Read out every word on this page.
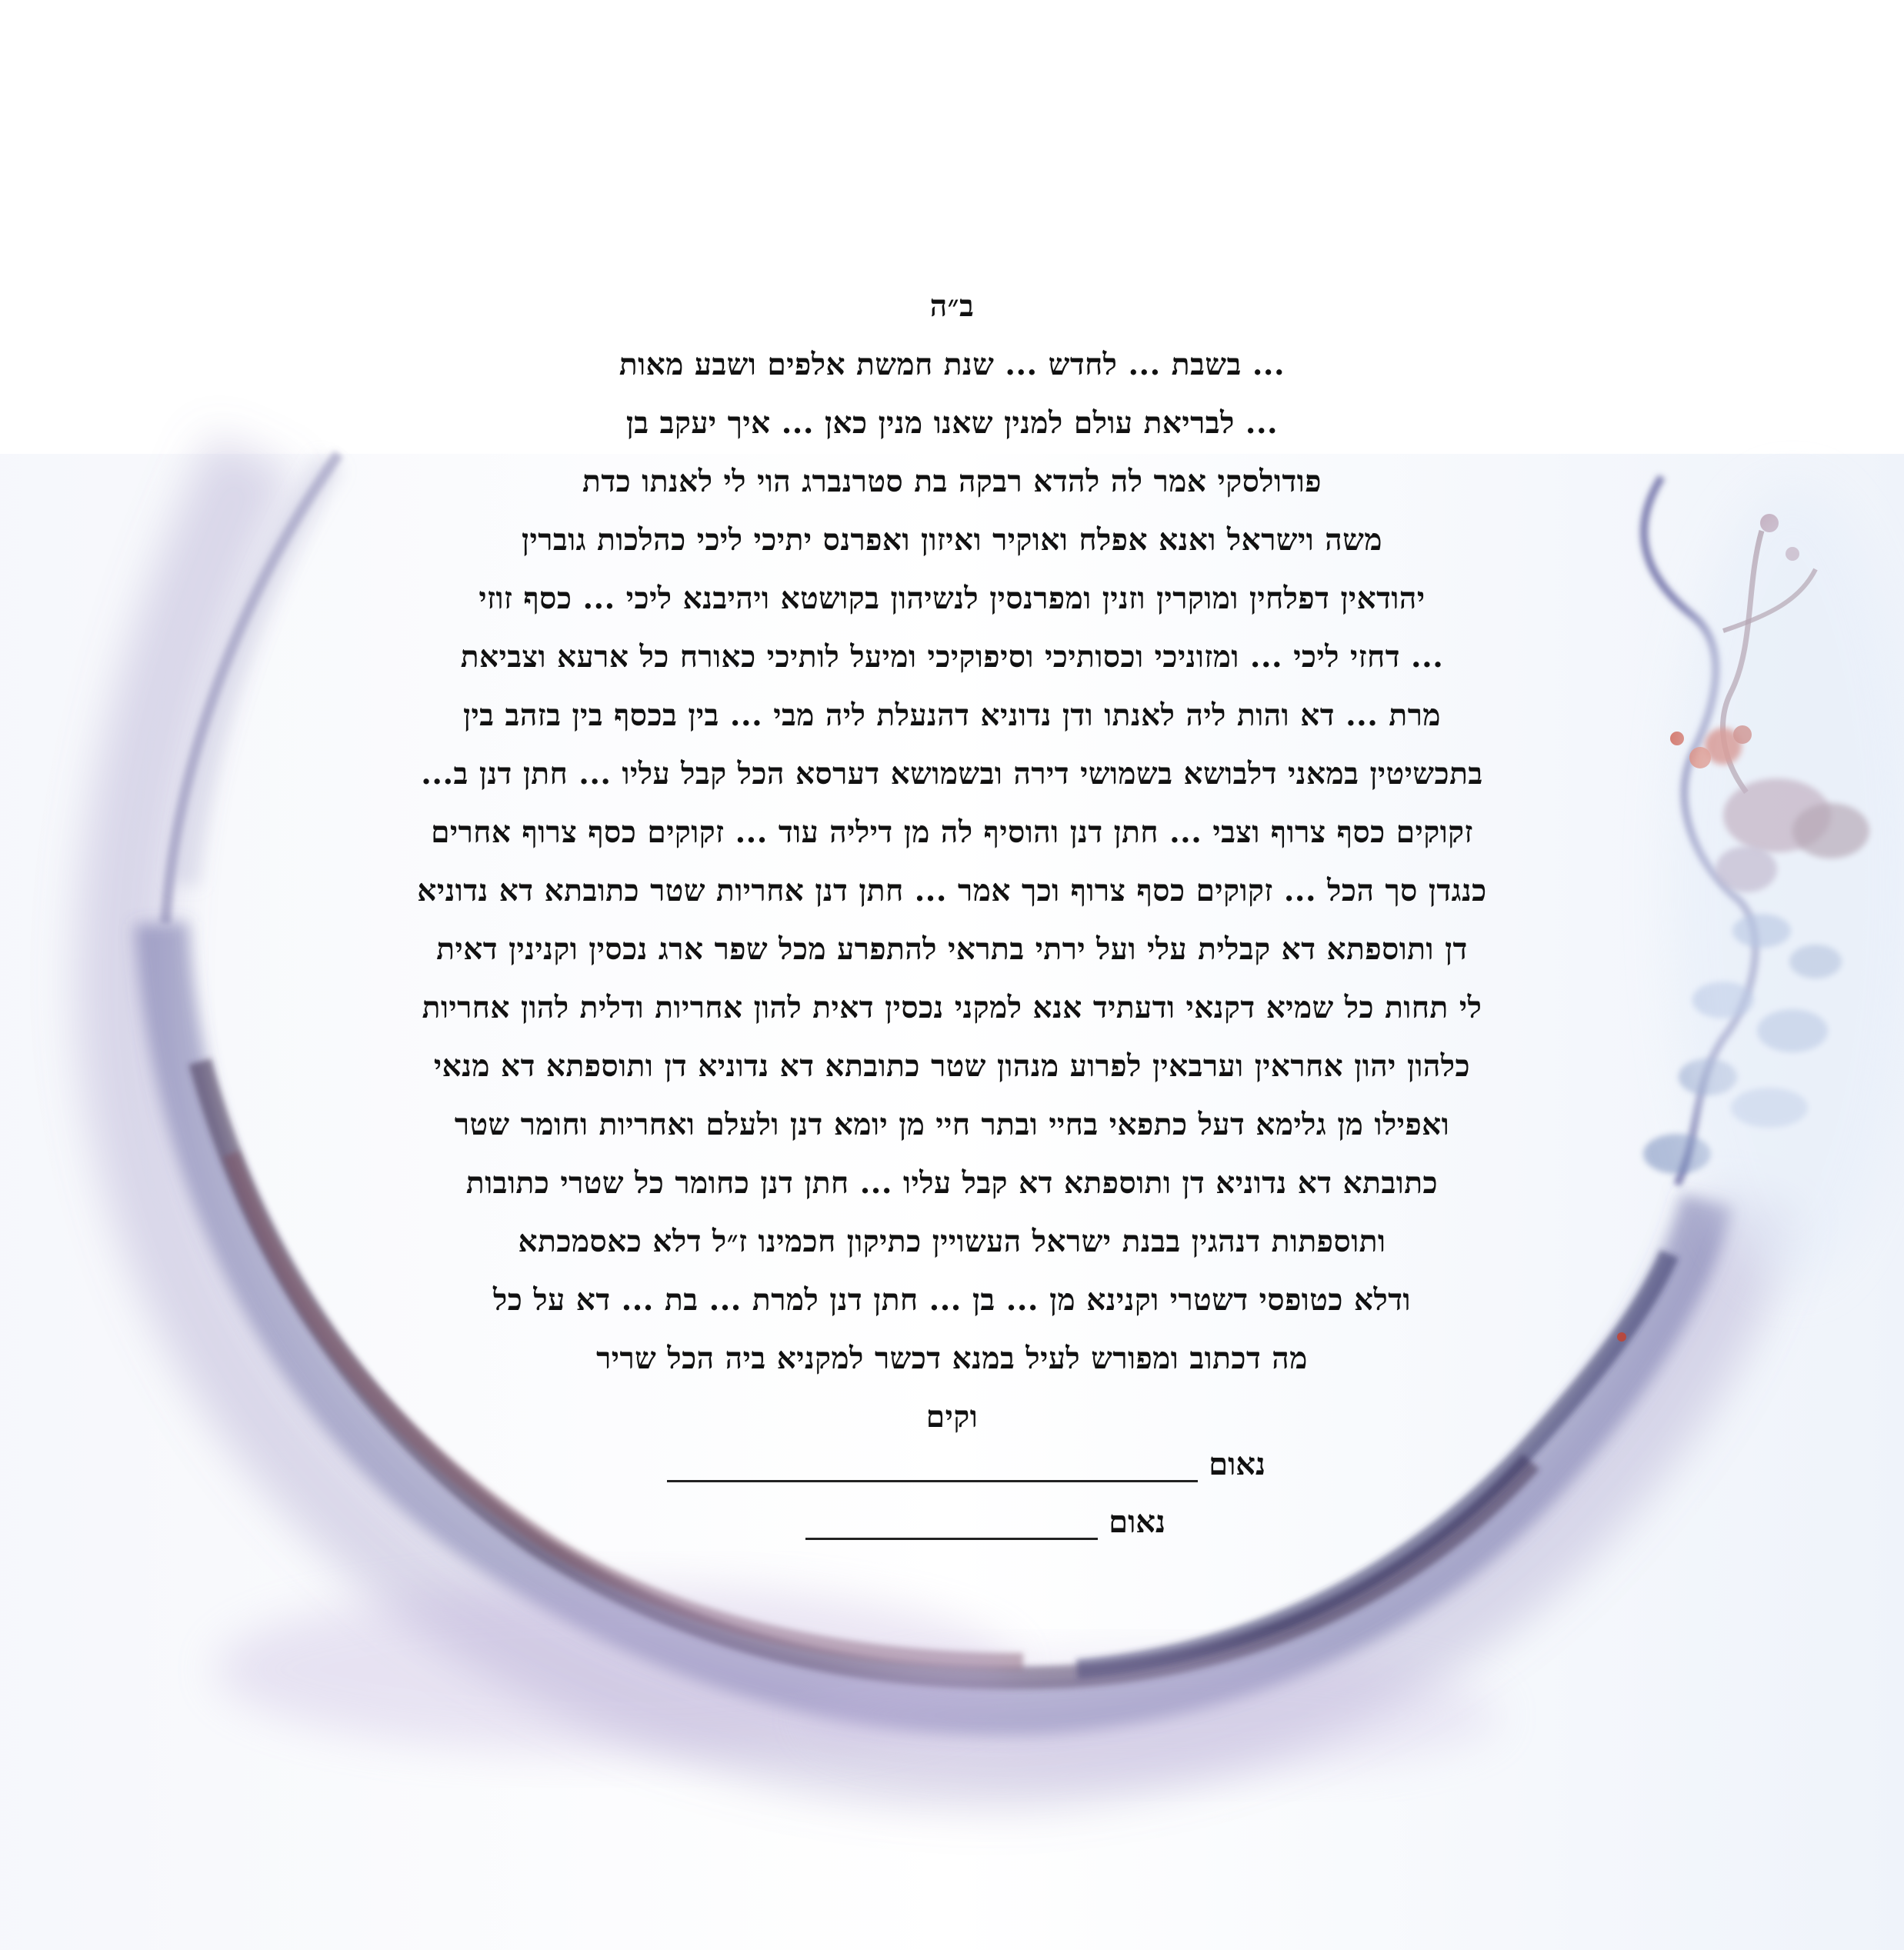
ב״ה
... בשבת ... לחדש ... שנת חמשת אלפים ושבע מאות
... לבריאת עולם למנין שאנו מנין כאן ... איך יעקב בן
פודולסקי אמר לה להדא רבקה בת סטרנברג הוי לי לאנתו כדת
משה וישראל ואנא אפלח ואוקיר ואיזון ואפרנס יתיכי ליכי כהלכות גוברין
יהודאין דפלחין ומוקרין וזנין ומפרנסין לנשיהון בקושטא ויהיבנא ליכי ... כסף זוזי
... דחזי ליכי ... ומזוניכי וכסותיכי וסיפוקיכי ומיעל לותיכי כאורח כל ארעא וצביאת
מרת ... דא והות ליה לאנתו ודן נדוניא דהנעלת ליה מבי ... בין בכסף בין בזהב בין
בתכשיטין במאני דלבושא בשמושי דירה ובשמושא דערסא הכל קבל עליו ... חתן דנן ב...
זקוקים כסף צרוף וצבי ... חתן דנן והוסיף לה מן דיליה עוד ... זקוקים כסף צרוף אחרים
כנגדן סך הכל ... זקוקים כסף צרוף וכך אמר ... חתן דנן אחריות שטר כתובתא דא נדוניא
דן ותוספתא דא קבלית עלי ועל ירתי בתראי להתפרע מכל שפר ארג נכסין וקנינין דאית
לי תחות כל שמיא דקנאי ודעתיד אנא למקני נכסין דאית להון אחריות ודלית להון אחריות
כלהון יהון אחראין וערבאין לפרוע מנהון שטר כתובתא דא נדוניא דן ותוספתא דא מנאי
ואפילו מן גלימא דעל כתפאי בחיי ובתר חיי מן יומא דנן ולעלם ואחריות וחומר שטר
כתובתא דא נדוניא דן ותוספתא דא קבל עליו ... חתן דנן כחומר כל שטרי כתובות
ותוספתות דנהגין בבנת ישראל העשויין כתיקון חכמינו ז״ל דלא כאסמכתא
ודלא כטופסי דשטרי וקנינא מן ... בן ... חתן דנן למרת ... בת ... דא על כל
מה דכתוב ומפורש לעיל במנא דכשר למקניא ביה הכל שריר
וקים
נאום
נאום
